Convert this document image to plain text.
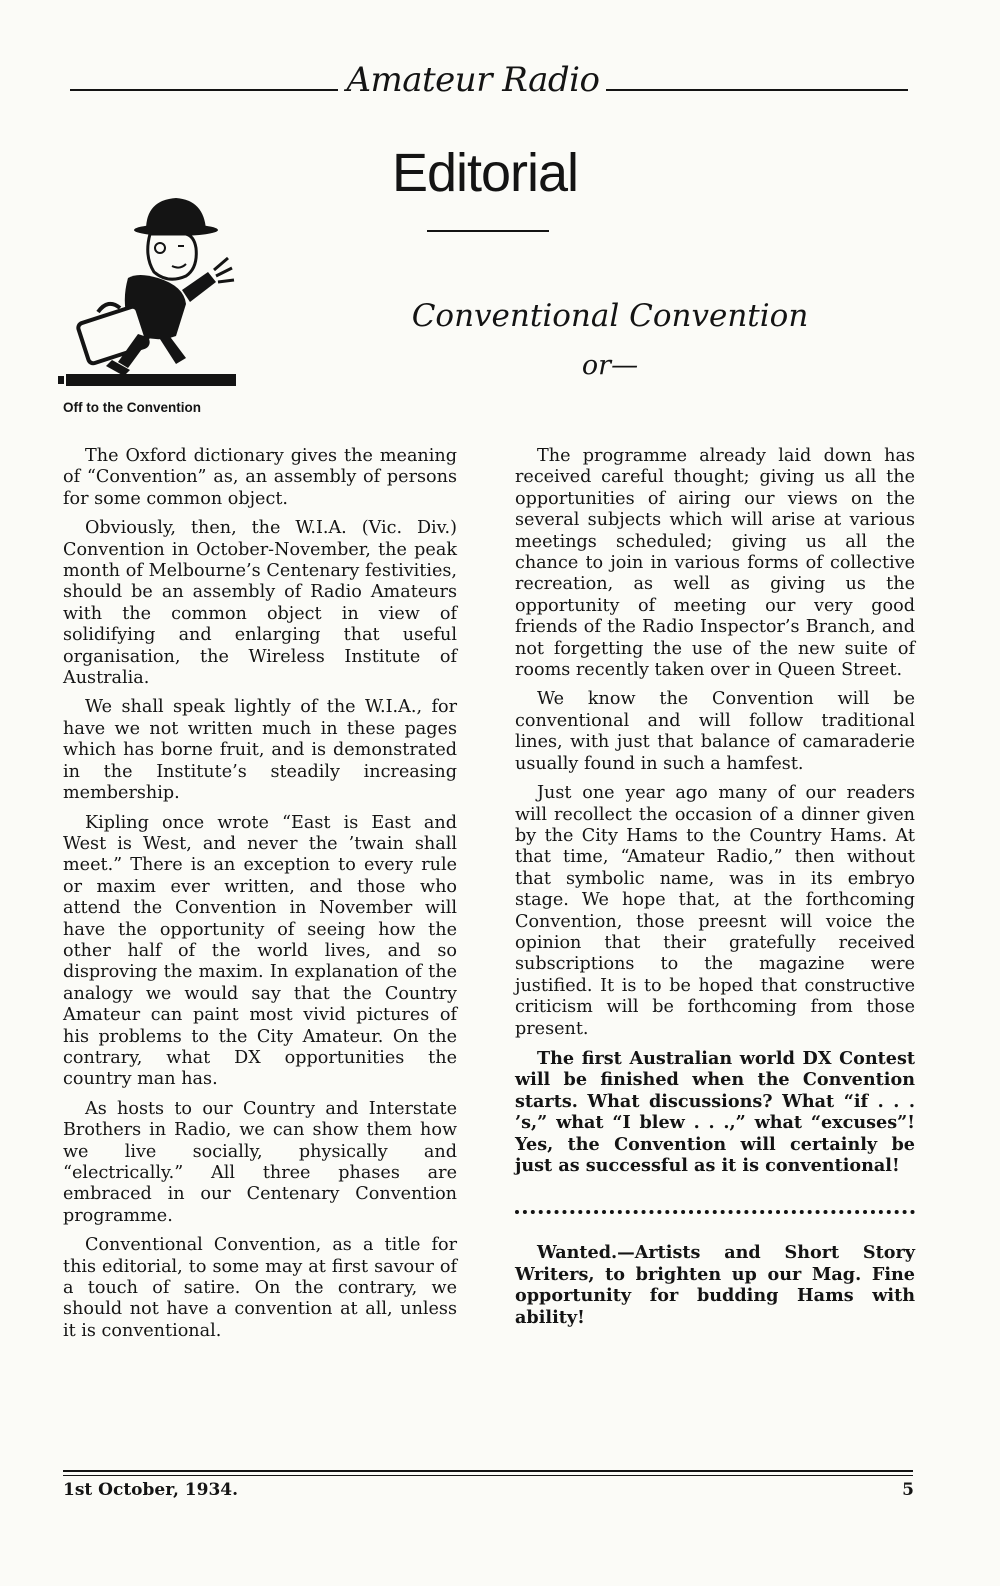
Amateur Radio
Editorial
Conventional Convention
or—
Off to the Convention

The Oxford dictionary gives the meaning of “Convention” as, an assembly of persons for some common object.

Obviously, then, the W.I.A. (Vic. Div.) Convention in October-November, the peak month of Melbourne’s Centenary festivities, should be an assembly of Radio Amateurs with the common object in view of solidifying and enlarging that useful organisation, the Wireless Institute of Australia.

We shall speak lightly of the W.I.A., for have we not written much in these pages which has borne fruit, and is demonstrated in the Institute’s steadily increasing membership.

Kipling once wrote “East is East and West is West, and never the ’twain shall meet.” There is an exception to every rule or maxim ever written, and those who attend the Convention in November will have the opportunity of seeing how the other half of the world lives, and so disproving the maxim. In explanation of the analogy we would say that the Country Amateur can paint most vivid pictures of his problems to the City Amateur. On the contrary, what DX opportunities the country man has.

As hosts to our Country and Interstate Brothers in Radio, we can show them how we live socially, physically and “electrically.” All three phases are embraced in our Centenary Convention programme.

Conventional Convention, as a title for this editorial, to some may at first savour of a touch of satire. On the contrary, we should not have a convention at all, unless it is conventional.

The programme already laid down has received careful thought; giving us all the opportunities of airing our views on the several subjects which will arise at various meetings scheduled; giving us all the chance to join in various forms of collective recreation, as well as giving us the opportunity of meeting our very good friends of the Radio Inspector’s Branch, and not forgetting the use of the new suite of rooms recently taken over in Queen Street.

We know the Convention will be conventional and will follow traditional lines, with just that balance of camaraderie usually found in such a hamfest.

Just one year ago many of our readers will recollect the occasion of a dinner given by the City Hams to the Country Hams. At that time, “Amateur Radio,” then without that symbolic name, was in its embryo stage. We hope that, at the forthcoming Convention, those preesnt will voice the opinion that their gratefully received subscriptions to the magazine were justified. It is to be hoped that constructive criticism will be forthcoming from those present.

The first Australian world DX Contest will be finished when the Convention starts. What discussions? What “if . . . ’s,” what “I blew . . .,” what “excuses”! Yes, the Convention will certainly be just as successful as it is conventional!

Wanted.—Artists and Short Story Writers, to brighten up our Mag. Fine opportunity for budding Hams with ability!

1st October, 1934.	5
